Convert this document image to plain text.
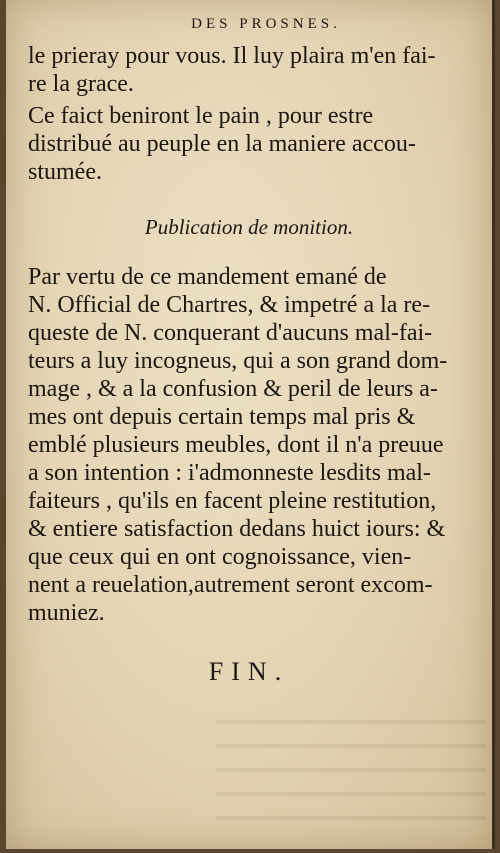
DES PROSNES.
le prieray pour vous. Il luy plaira m'en fai-
re la grace.
Ce faict beniront le pain , pour estre
distribué au peuple en la maniere accou-
stumée.
Publication de monition.
Par vertu de ce mandement emané de
N. Official de Chartres, & impetré a la re-
queste de N. conquerant d'aucuns mal-fai-
teurs a luy incogneus, qui a son grand dom-
mage , & a la confusion & peril de leurs a-
mes ont depuis certain temps mal pris &
emblé plusieurs meubles, dont il n'a preuue
a son intention : i'admonneste lesdits mal-
faiteurs , qu'ils en facent pleine restitution,
& entiere satisfaction dedans huict iours: &
que ceux qui en ont cognoissance, vien-
nent a reuelation,autrement seront excom-
muniez.
FIN.
